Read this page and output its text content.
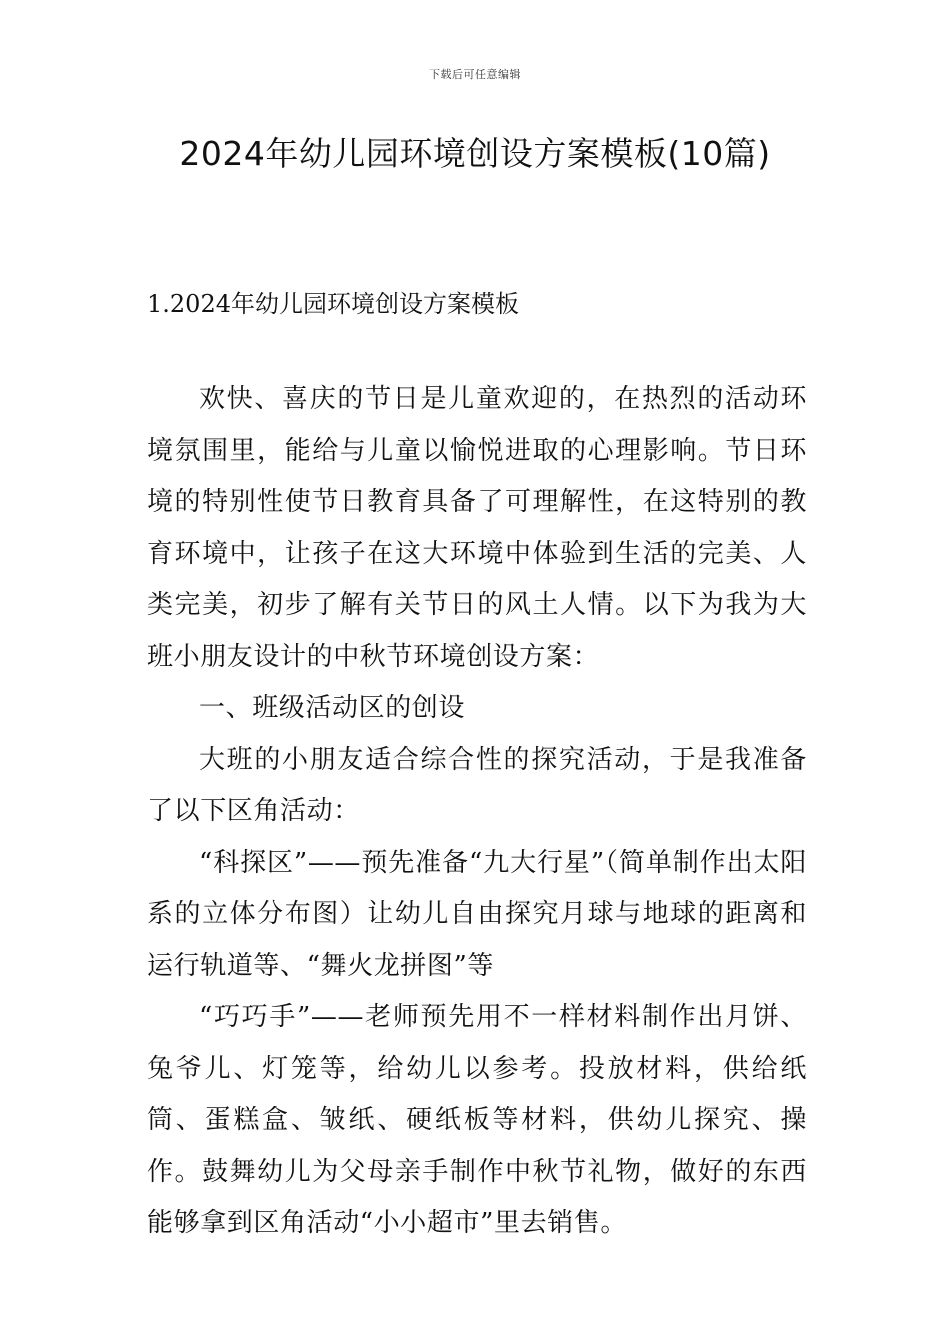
下载后可任意编辑
2024年幼儿园环境创设方案模板(10篇)
1.2024年幼儿园环境创设方案模板

欢快、喜庆的节日是儿童欢迎的，在热烈的活动环境氛围里，能给与儿童以愉悦进取的心理影响。节日环境的特别性使节日教育具备了可理解性，在这特别的教育环境中，让孩子在这大环境中体验到生活的完美、人类完美，初步了解有关节日的风土人情。以下为我为大班小朋友设计的中秋节环境创设方案：

一、班级活动区的创设

大班的小朋友适合综合性的探究活动，于是我准备了以下区角活动：

“科探区”——预先准备“九大行星”（简单制作出太阳系的立体分布图）让幼儿自由探究月球与地球的距离和运行轨道等、“舞火龙拼图”等

“巧巧手”——老师预先用不一样材料制作出月饼、兔爷儿、灯笼等，给幼儿以参考。投放材料，供给纸筒、蛋糕盒、皱纸、硬纸板等材料，供幼儿探究、操作。鼓舞幼儿为父母亲手制作中秋节礼物，做好的东西能够拿到区角活动“小小超市”里去销售。
